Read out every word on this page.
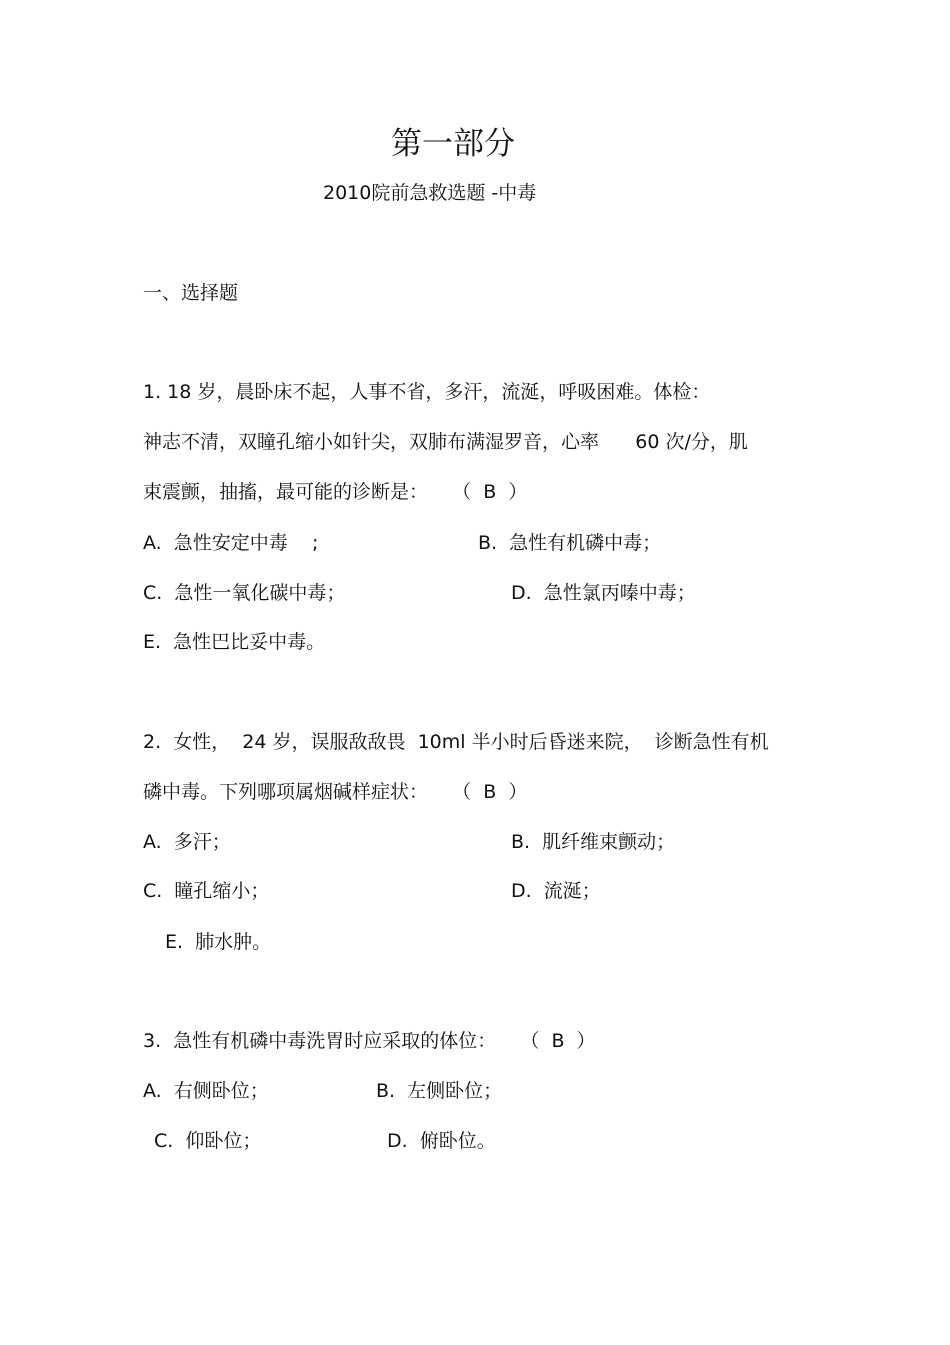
第一部分
2010院前急救选题 -中毒
一、选择题
1. 18 岁，晨卧床不起，人事不省，多汗，流涎，呼吸困难。体检：
神志不清，双瞳孔缩小如针尖，双肺布满湿罗音，心率      60 次/分，肌
束震颤，抽搐，最可能的诊断是：    （  B  ）
A.  急性安定中毒    ;	B.  急性有机磷中毒；
C.  急性一氧化碳中毒；	D.  急性氯丙嗪中毒；
E.  急性巴比妥中毒。
2.  女性，  24 岁，误服敌敌畏  10ml 半小时后昏迷来院，  诊断急性有机
磷中毒。下列哪项属烟碱样症状：    （  B  ）
A.  多汗；	B.  肌纤维束颤动；
C.  瞳孔缩小；	D.  流涎；
E.  肺水肿。
3.  急性有机磷中毒洗胃时应采取的体位：    （  B  ）
A.  右侧卧位；	B.  左侧卧位；
C.  仰卧位；	D.  俯卧位。
